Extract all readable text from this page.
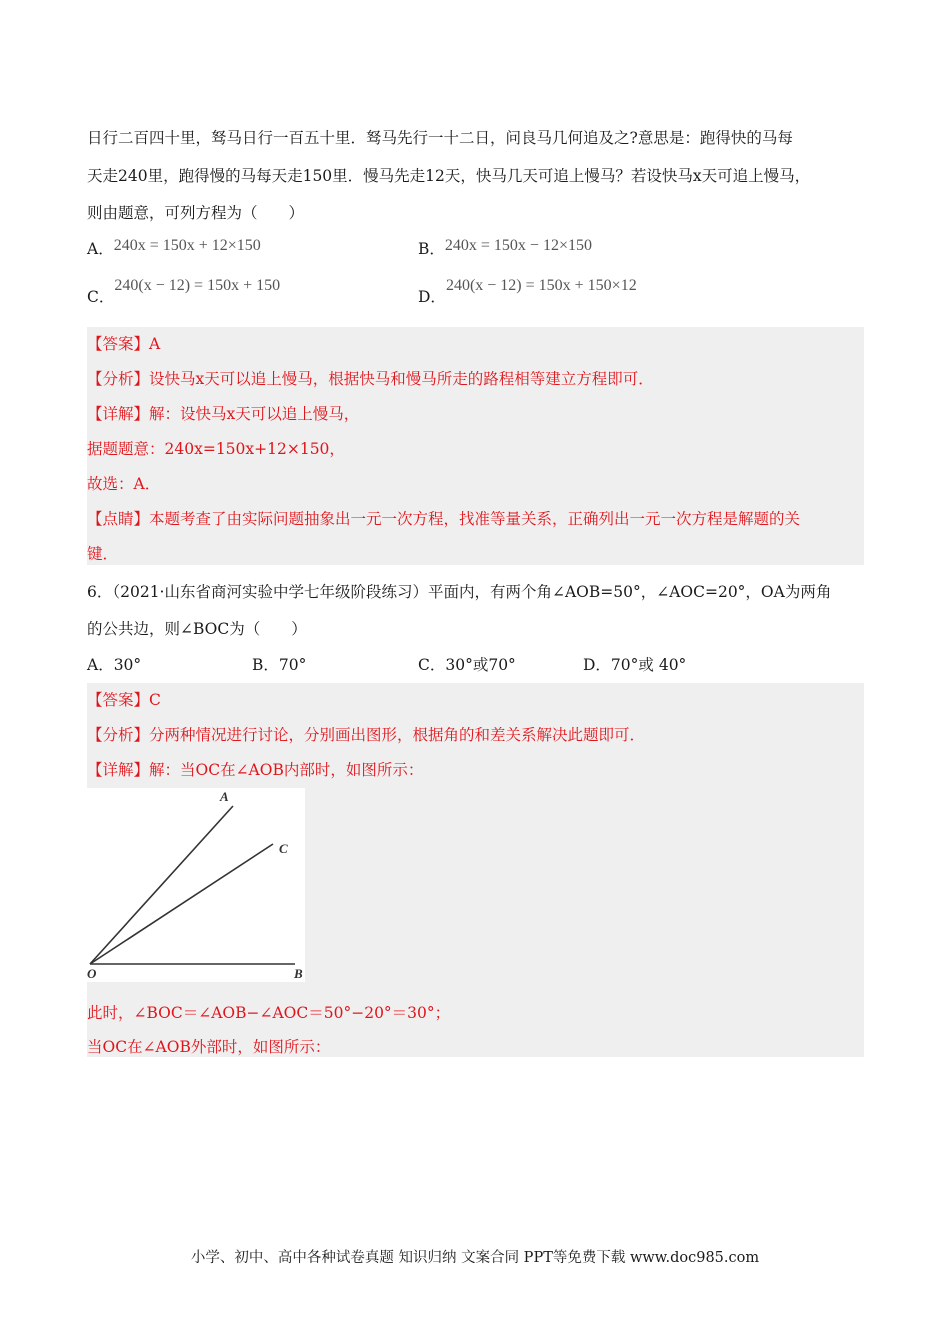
日行二百四十里，驽马日行一百五十里．驽马先行一十二日，问良马几何追及之?意思是：跑得快的马每
天走240里，跑得慢的马每天走150里．慢马先走12天，快马几天可追上慢马？若设快马x天可追上慢马，
则由题意，可列方程为（　　）
A．240x = 150x + 12×150	B．240x = 150x − 12×150
C．240(x − 12) = 150x + 150
D．240(x − 12) = 150x + 150×12
【答案】A
【分析】设快马x天可以追上慢马，根据快马和慢马所走的路程相等建立方程即可．
【详解】解：设快马x天可以追上慢马，
据题题意：240x=150x+12×150，
故选：A．
【点睛】本题考查了由实际问题抽象出一元一次方程，找准等量关系，正确列出一元一次方程是解题的关
键．
6．（2021·山东省商河实验中学七年级阶段练习）平面内，有两个角∠AOB=50°，∠AOC=20°，OA为两角
的公共边，则∠BOC为（　　）
A．30°	B．70°	C．30°或70°	D．70°或 40°
【答案】C
【分析】分两种情况进行讨论，分别画出图形，根据角的和差关系解决此题即可．
【详解】解：当OC在∠AOB内部时，如图所示：
此时，∠BOC＝∠AOB−∠AOC＝50°−20°＝30°；
当OC在∠AOB外部时，如图所示：
A
C
O	B
小学、初中、高中各种试卷真题 知识归纳 文案合同 PPT等免费下载 www.doc985.com
